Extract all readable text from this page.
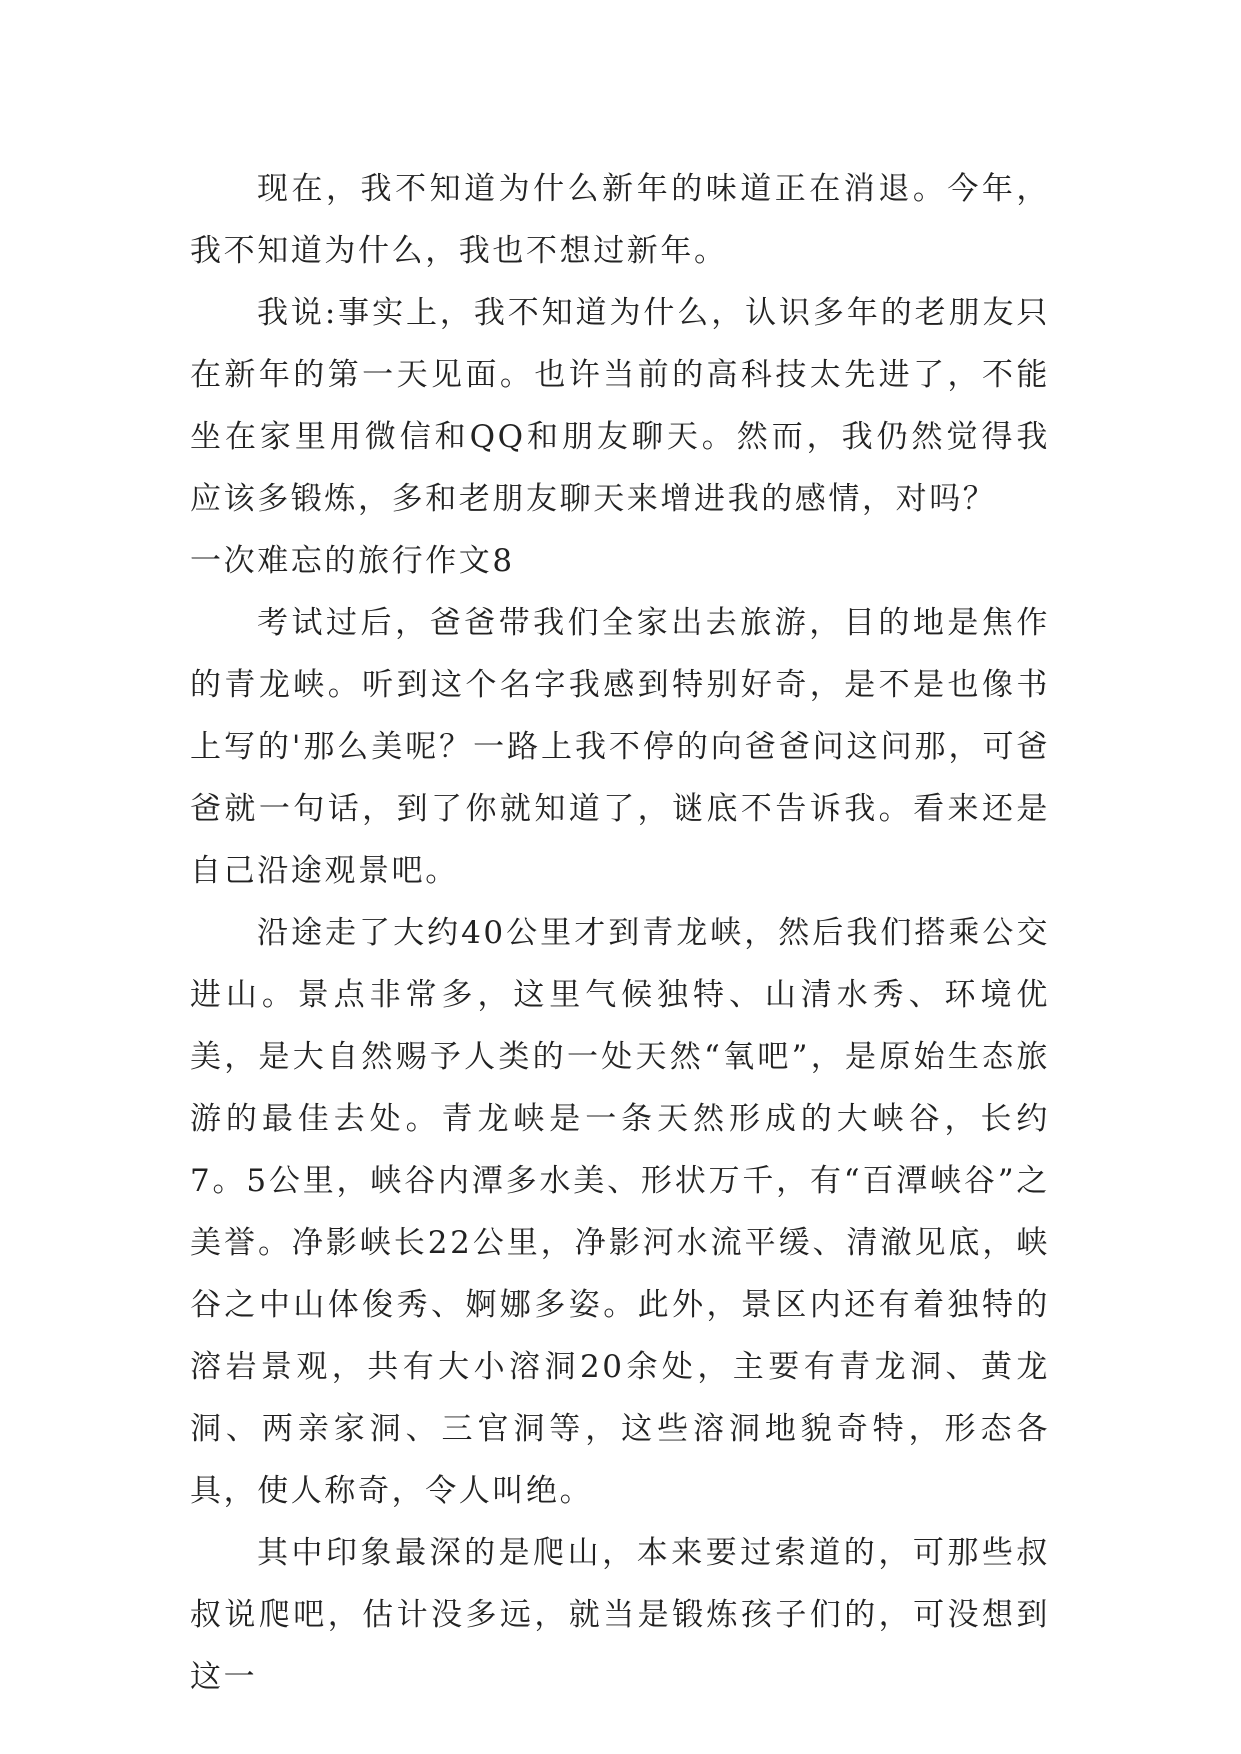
现在，我不知道为什么新年的味道正在消退。今年，我不知道为什么，我也不想过新年。

我说:事实上，我不知道为什么，认识多年的老朋友只在新年的第一天见面。也许当前的高科技太先进了，不能坐在家里用微信和QQ和朋友聊天。然而，我仍然觉得我应该多锻炼，多和老朋友聊天来增进我的感情，对吗？

一次难忘的旅行作文8

考试过后，爸爸带我们全家出去旅游，目的地是焦作的青龙峡。听到这个名字我感到特别好奇，是不是也像书上写的'那么美呢？一路上我不停的向爸爸问这问那，可爸爸就一句话，到了你就知道了，谜底不告诉我。看来还是自己沿途观景吧。

沿途走了大约40公里才到青龙峡，然后我们搭乘公交进山。景点非常多，这里气候独特、山清水秀、环境优美，是大自然赐予人类的一处天然“氧吧”，是原始生态旅游的最佳去处。青龙峡是一条天然形成的大峡谷，长约7。5公里，峡谷内潭多水美、形状万千，有“百潭峡谷”之美誉。净影峡长22公里，净影河水流平缓、清澈见底，峡谷之中山体俊秀、婀娜多姿。此外，景区内还有着独特的溶岩景观，共有大小溶洞20余处，主要有青龙洞、黄龙洞、两亲家洞、三官洞等，这些溶洞地貌奇特，形态各具，使人称奇，令人叫绝。

其中印象最深的是爬山，本来要过索道的，可那些叔叔说爬吧，估计没多远，就当是锻炼孩子们的，可没想到这一
